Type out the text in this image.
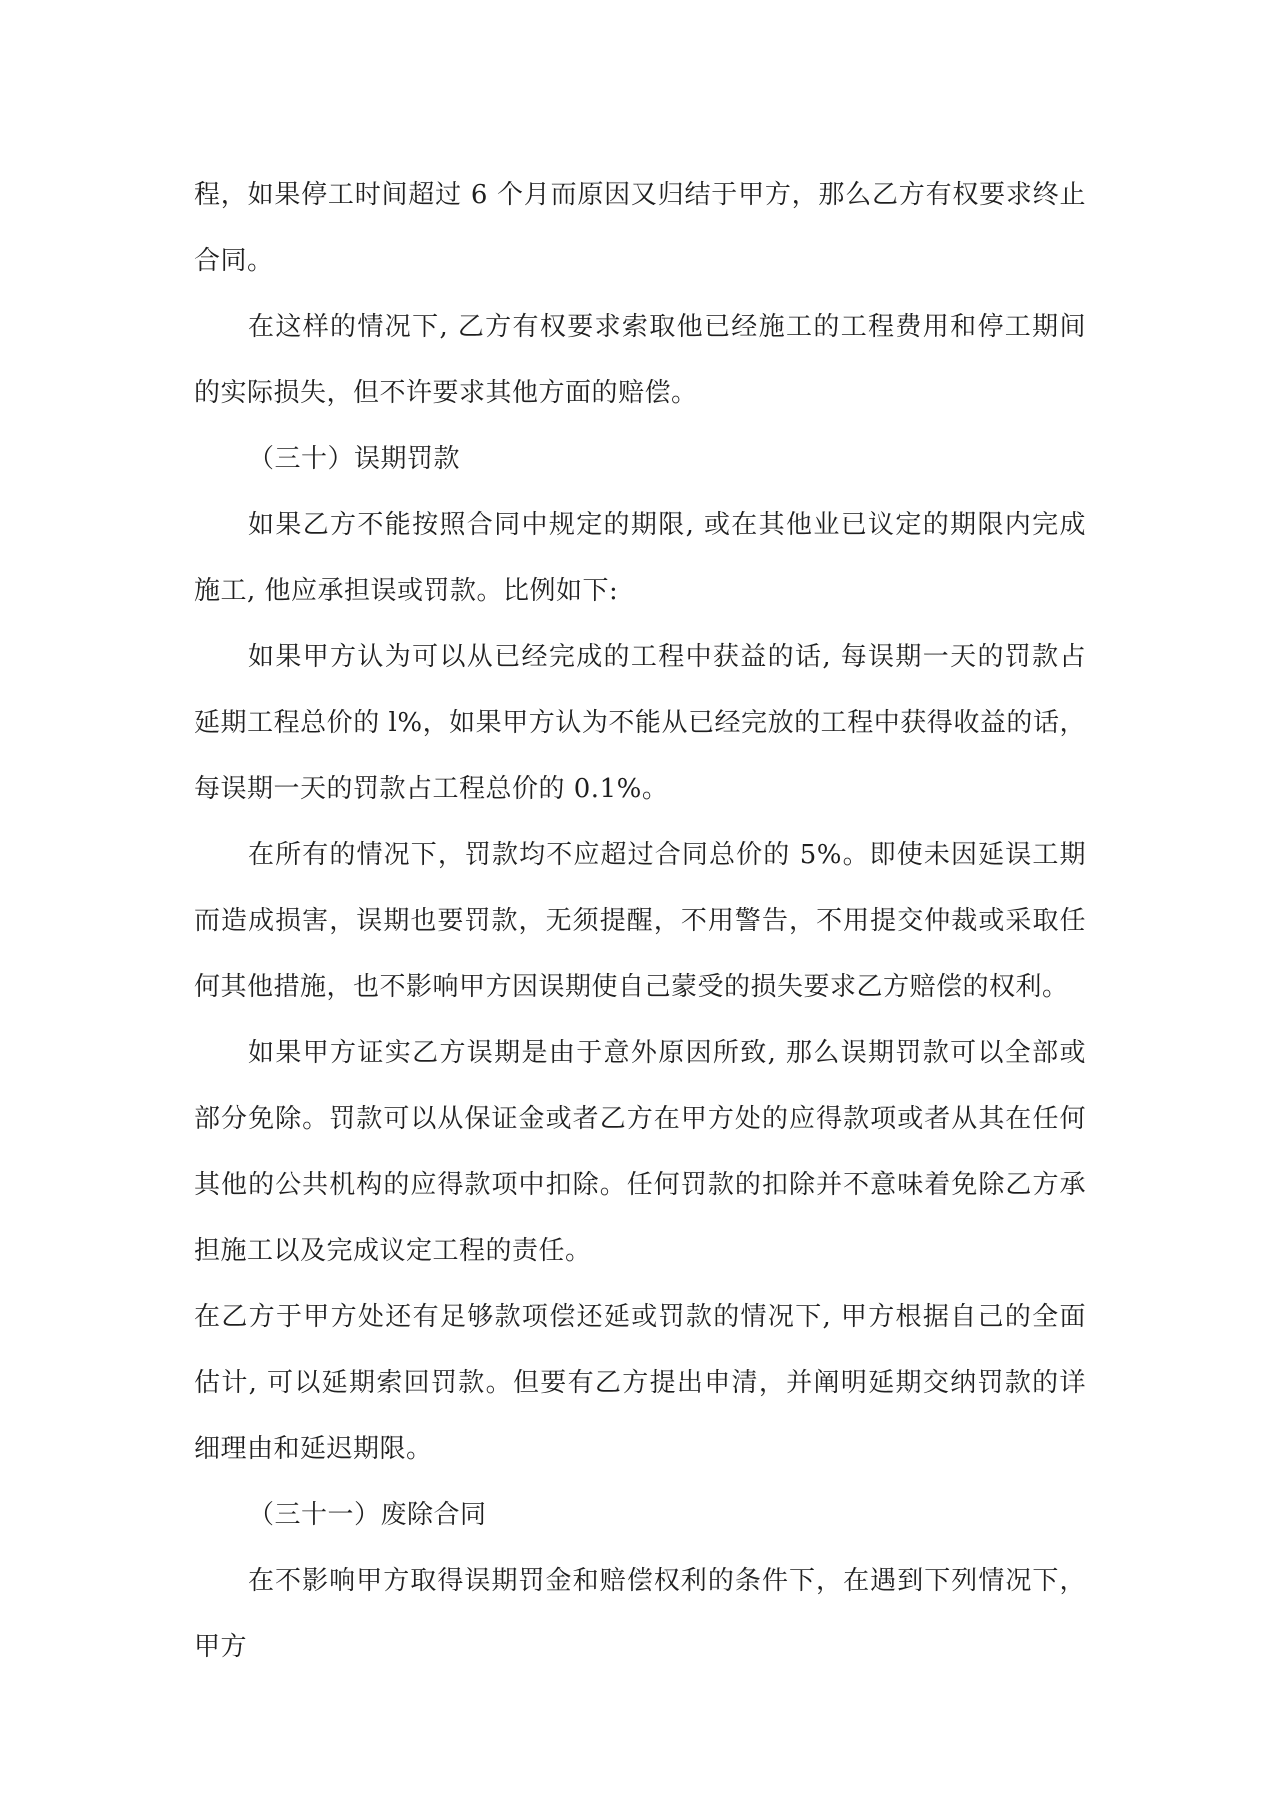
程，如果停工时间超过 6 个月而原因又归结于甲方，那么乙方有权要求终止合同。

在这样的情况下, 乙方有权要求索取他已经施工的工程费用和停工期间的实际损失，但不许要求其他方面的赔偿。

（三十）误期罚款

如果乙方不能按照合同中规定的期限, 或在其他业已议定的期限内完成施工, 他应承担误或罚款。比例如下:

如果甲方认为可以从已经完成的工程中获益的话, 每误期一天的罚款占延期工程总价的 l%，如果甲方认为不能从已经完放的工程中获得收益的话，每误期一天的罚款占工程总价的 0.1%。

在所有的情况下，罚款均不应超过合同总价的 5%。即使未因延误工期而造成损害，误期也要罚款，无须提醒，不用警告，不用提交仲裁或采取任何其他措施，也不影响甲方因误期使自己蒙受的损失要求乙方赔偿的权利。

如果甲方证实乙方误期是由于意外原因所致, 那么误期罚款可以全部或部分免除。罚款可以从保证金或者乙方在甲方处的应得款项或者从其在任何其他的公共机构的应得款项中扣除。任何罚款的扣除并不意味着免除乙方承担施工以及完成议定工程的责任。

在乙方于甲方处还有足够款项偿还延或罚款的情况下, 甲方根据自己的全面估计, 可以延期索回罚款。但要有乙方提出申清，并阐明延期交纳罚款的详细理由和延迟期限。

（三十一）废除合同

在不影响甲方取得误期罚金和赔偿权利的条件下，在遇到下列情况下，甲方
